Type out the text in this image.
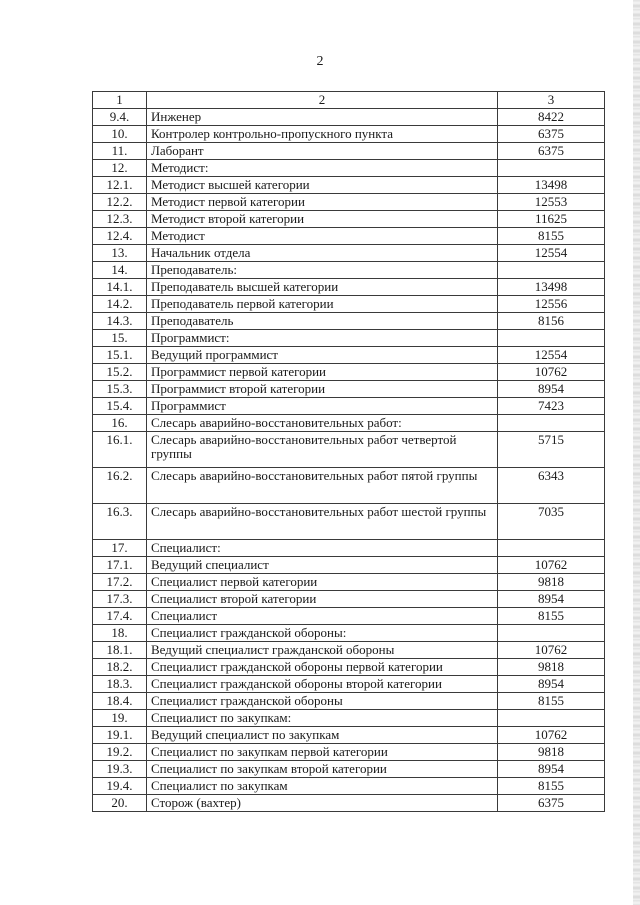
2
1	2	3
9.4.	Инженер	8422
10.	Контролер контрольно-пропускного пункта	6375
11.	Лаборант	6375
12.	Методист:	
12.1.	Методист высшей категории	13498
12.2.	Методист первой категории	12553
12.3.	Методист второй категории	11625
12.4.	Методист	8155
13.	Начальник отдела	12554
14.	Преподаватель:	
14.1.	Преподаватель высшей категории	13498
14.2.	Преподаватель первой категории	12556
14.3.	Преподаватель	8156
15.	Программист:	
15.1.	Ведущий программист	12554
15.2.	Программист первой категории	10762
15.3.	Программист второй категории	8954
15.4.	Программист	7423
16.	Слесарь аварийно-восстановительных работ:	
16.1.	Слесарь аварийно-восстановительных работ четвертой группы	5715
16.2.	Слесарь аварийно-восстановительных работ пятой группы	6343
16.3.	Слесарь аварийно-восстановительных работ шестой группы	7035
17.	Специалист:	
17.1.	Ведущий специалист	10762
17.2.	Специалист первой категории	9818
17.3.	Специалист второй категории	8954
17.4.	Специалист	8155
18.	Специалист гражданской обороны:	
18.1.	Ведущий специалист гражданской обороны	10762
18.2.	Специалист гражданской обороны первой категории	9818
18.3.	Специалист гражданской обороны второй категории	8954
18.4.	Специалист гражданской обороны	8155
19.	Специалист по закупкам:	
19.1.	Ведущий специалист по закупкам	10762
19.2.	Специалист по закупкам первой категории	9818
19.3.	Специалист по закупкам второй категории	8954
19.4.	Специалист по закупкам	8155
20.	Сторож (вахтер)	6375
